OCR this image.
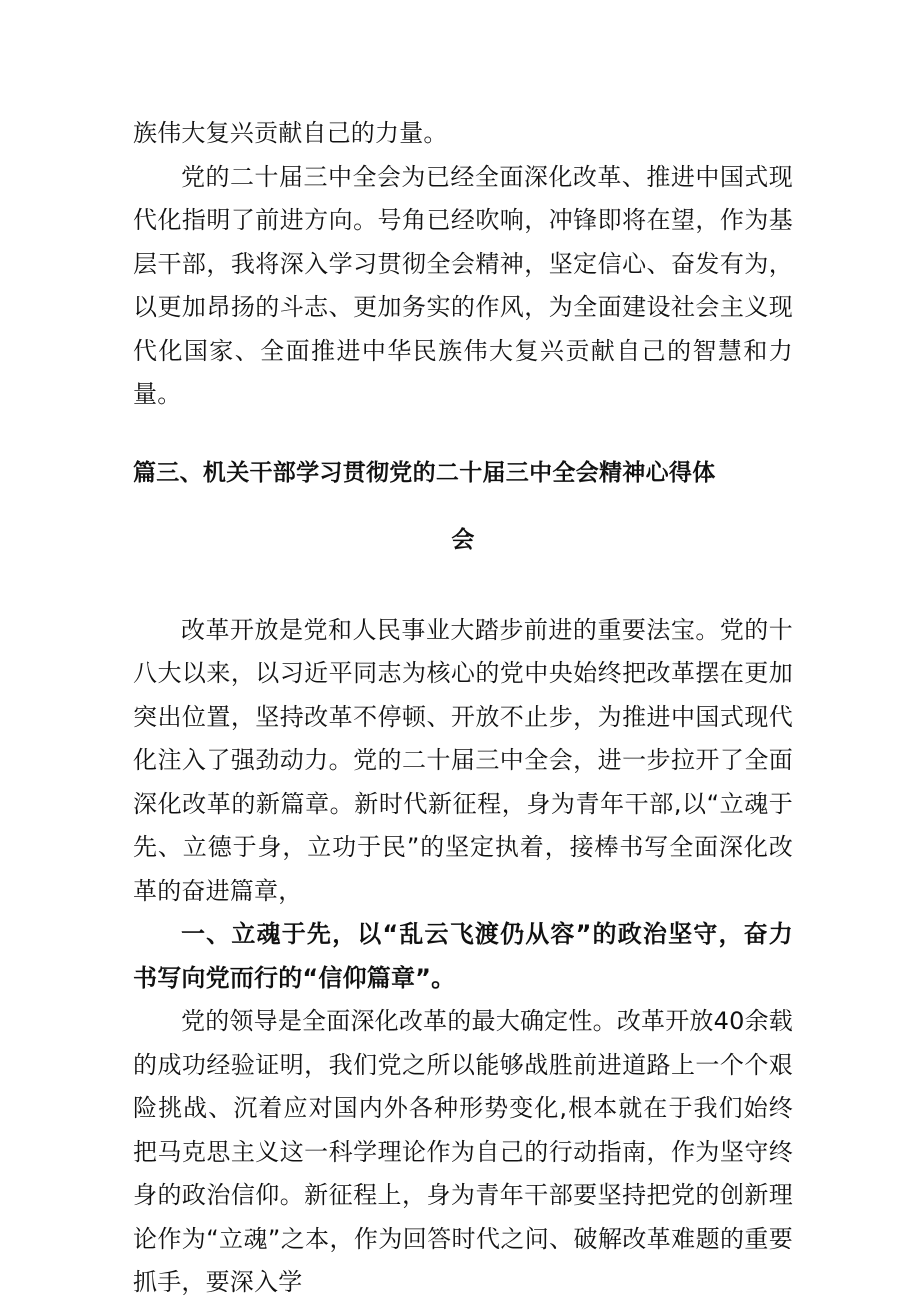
族伟大复兴贡献自己的力量。

党的二十届三中全会为已经全面深化改革、推进中国式现代化指明了前进方向。号角已经吹响，冲锋即将在望，作为基层干部，我将深入学习贯彻全会精神，坚定信心、奋发有为，以更加昂扬的斗志、更加务实的作风，为全面建设社会主义现代化国家、全面推进中华民族伟大复兴贡献自己的智慧和力量。

篇三、机关干部学习贯彻党的二十届三中全会精神心得体

会

改革开放是党和人民事业大踏步前进的重要法宝。党的十八大以来，以习近平同志为核心的党中央始终把改革摆在更加突出位置，坚持改革不停顿、开放不止步，为推进中国式现代化注入了强劲动力。党的二十届三中全会，进一步拉开了全面深化改革的新篇章。新时代新征程，身为青年干部,以“立魂于先、立德于身，立功于民”的坚定执着，接棒书写全面深化改革的奋进篇章，

一、立魂于先，以“乱云飞渡仍从容”的政治坚守，奋力书写向党而行的“信仰篇章”。

党的领导是全面深化改革的最大确定性。改革开放40余载的成功经验证明，我们党之所以能够战胜前进道路上一个个艰险挑战、沉着应对国内外各种形势变化,根本就在于我们始终把马克思主义这一科学理论作为自己的行动指南，作为坚守终身的政治信仰。新征程上，身为青年干部要坚持把党的创新理论作为“立魂”之本，作为回答时代之问、破解改革难题的重要抓手，要深入学
